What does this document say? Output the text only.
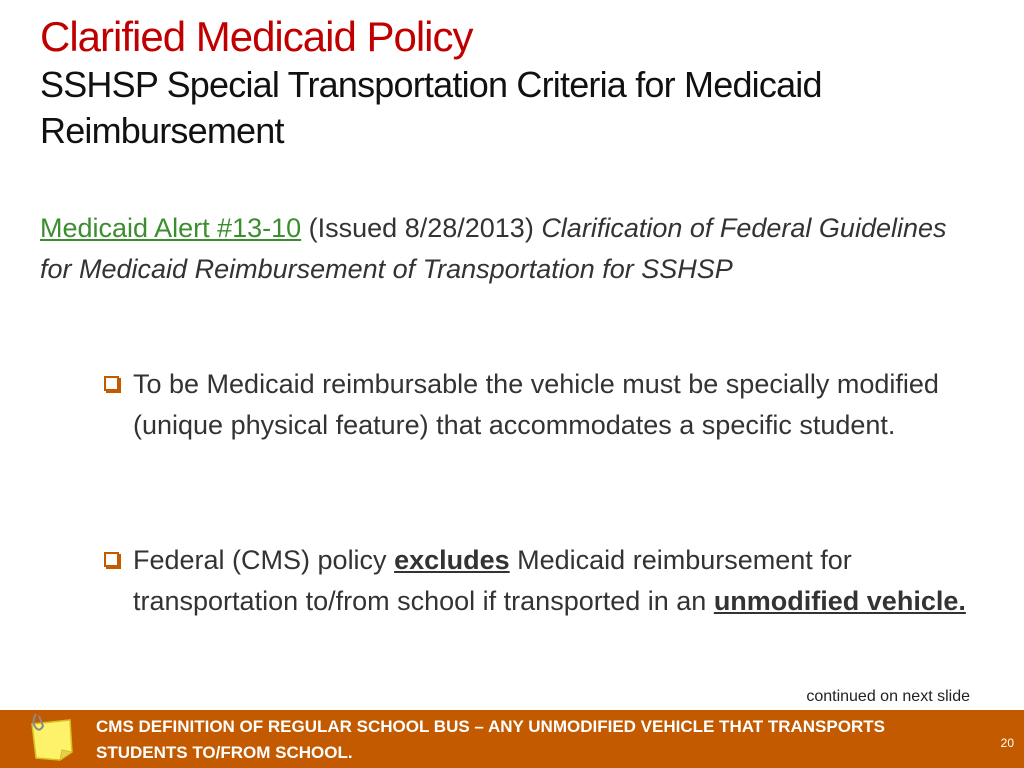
Clarified Medicaid Policy
SSHSP Special Transportation Criteria for Medicaid Reimbursement
Medicaid Alert #13-10 (Issued 8/28/2013) Clarification of Federal Guidelines for Medicaid Reimbursement of Transportation for SSHSP
To be Medicaid reimbursable the vehicle must be specially modified (unique physical feature) that accommodates a specific student.
Federal (CMS) policy excludes Medicaid reimbursement for transportation to/from school if transported in an unmodified vehicle.
continued on next slide
CMS DEFINITION OF REGULAR SCHOOL BUS – ANY UNMODIFIED VEHICLE THAT TRANSPORTS STUDENTS TO/FROM SCHOOL.	20
